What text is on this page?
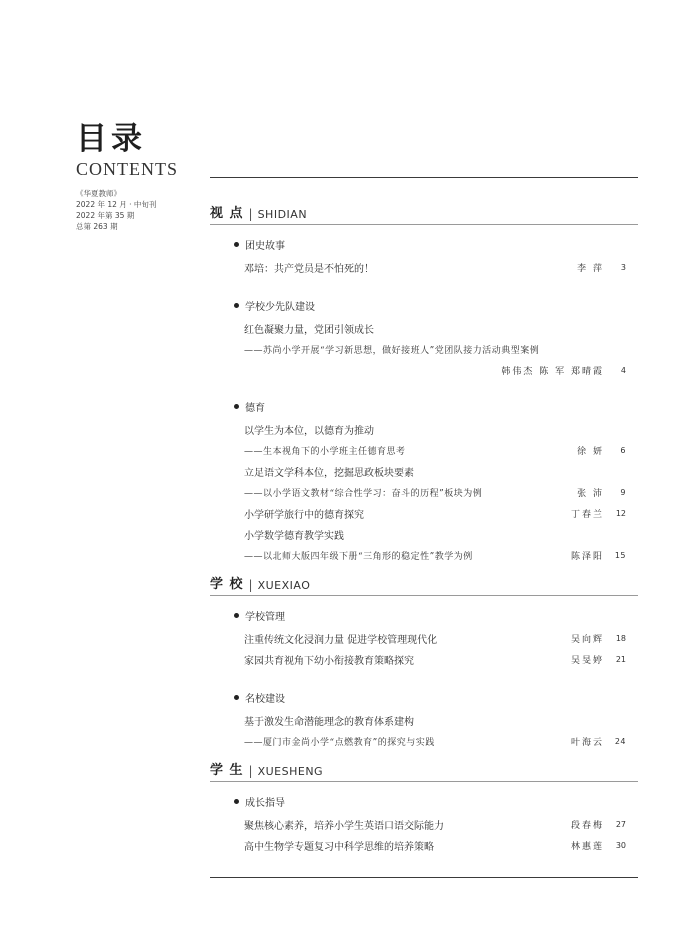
目录
CONTENTS
《华夏教师》
2022 年 12 月 · 中旬刊
2022 年第 35 期
总第 263 期
视 点 | SHIDIAN
团史故事
邓培：共产党员是不怕死的！	李 萍	3
学校少先队建设
红色凝聚力量，党团引领成长
——苏尚小学开展“学习新思想，做好接班人”党团队接力活动典型案例
韩伟杰 陈 军 郑晴霞	4
德育
以学生为本位，以德育为推动
——生本视角下的小学班主任德育思考	徐 妍	6
立足语文学科本位，挖掘思政板块要素
——以小学语文教材“综合性学习：奋斗的历程”板块为例	张 沛	9
小学研学旅行中的德育探究	丁春兰	12
小学数学德育教学实践
——以北师大版四年级下册“三角形的稳定性”教学为例	陈泽阳	15
学 校 | XUEXIAO
学校管理
注重传统文化浸润力量 促进学校管理现代化	吴向辉	18
家园共育视角下幼小衔接教育策略探究	吴旻婷	21
名校建设
基于激发生命潜能理念的教育体系建构
——厦门市金尚小学“点燃教育”的探究与实践	叶海云	24
学 生 | XUESHENG
成长指导
聚焦核心素养，培养小学生英语口语交际能力	段春梅	27
高中生物学专题复习中科学思维的培养策略	林惠莲	30
